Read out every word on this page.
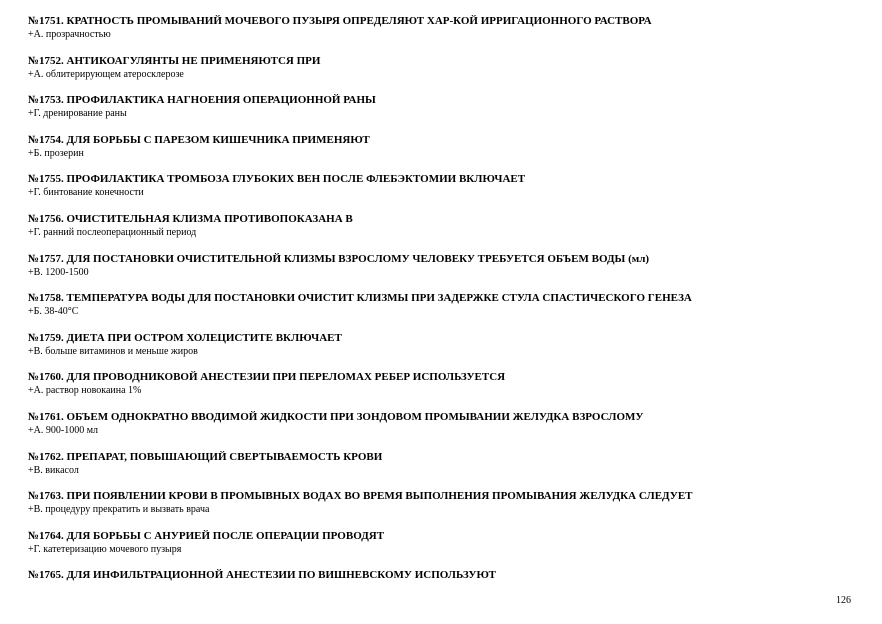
№1751. КРАТНОСТЬ ПРОМЫВАНИЙ МОЧЕВОГО ПУЗЫРЯ ОПРЕДЕЛЯЮТ ХАР-КОЙ ИРРИГАЦИОННОГО РАСТВОРА
+А. прозрачностью
№1752. АНТИКОАГУЛЯНТЫ НЕ ПРИМЕНЯЮТСЯ ПРИ
+А. облитерирующем атеросклерозе
№1753. ПРОФИЛАКТИКА НАГНОЕНИЯ ОПЕРАЦИОННОЙ РАНЫ
+Г. дренирование раны
№1754. ДЛЯ БОРЬБЫ С ПАРЕЗОМ КИШЕЧНИКА ПРИМЕНЯЮТ
+Б. прозерин
№1755. ПРОФИЛАКТИКА ТРОМБОЗА ГЛУБОКИХ ВЕН ПОСЛЕ ФЛЕБЭКТОМИИ ВКЛЮЧАЕТ
+Г. бинтование конечности
№1756. ОЧИСТИТЕЛЬНАЯ КЛИЗМА ПРОТИВОПОКАЗАНА В
+Г. ранний послеоперационный период
№1757. ДЛЯ ПОСТАНОВКИ ОЧИСТИТЕЛЬНОЙ КЛИЗМЫ ВЗРОСЛОМУ ЧЕЛОВЕКУ ТРЕБУЕТСЯ ОБЪЕМ ВОДЫ (мл)
+В. 1200-1500
№1758. ТЕМПЕРАТУРА ВОДЫ ДЛЯ ПОСТАНОВКИ ОЧИСТИТ КЛИЗМЫ ПРИ ЗАДЕРЖКЕ СТУЛА СПАСТИЧЕСКОГО ГЕНЕЗА
+Б. 38-40°С
№1759. ДИЕТА ПРИ ОСТРОМ ХОЛЕЦИСТИТЕ ВКЛЮЧАЕТ
+В. больше витаминов и меньше жиров
№1760. ДЛЯ ПРОВОДНИКОВОЙ АНЕСТЕЗИИ ПРИ ПЕРЕЛОМАХ РЕБЕР ИСПОЛЬЗУЕТСЯ
+А. раствор новокаина 1%
№1761. ОБЪЕМ ОДНОКРАТНО ВВОДИМОЙ ЖИДКОСТИ ПРИ ЗОНДОВОМ ПРОМЫВАНИИ ЖЕЛУДКА ВЗРОСЛОМУ
+А. 900-1000 мл
№1762. ПРЕПАРАТ, ПОВЫШАЮЩИЙ СВЕРТЫВАЕМОСТЬ КРОВИ
+В. викасол
№1763. ПРИ ПОЯВЛЕНИИ КРОВИ В ПРОМЫВНЫХ ВОДАХ ВО ВРЕМЯ ВЫПОЛНЕНИЯ ПРОМЫВАНИЯ ЖЕЛУДКА СЛЕДУЕТ
+В. процедуру прекратить и вызвать врача
№1764. ДЛЯ БОРЬБЫ С АНУРИЕЙ ПОСЛЕ ОПЕРАЦИИ ПРОВОДЯТ
+Г. катетеризацию мочевого пузыря
№1765. ДЛЯ ИНФИЛЬТРАЦИОННОЙ АНЕСТЕЗИИ ПО ВИШНЕВСКОМУ ИСПОЛЬЗУЮТ
126
